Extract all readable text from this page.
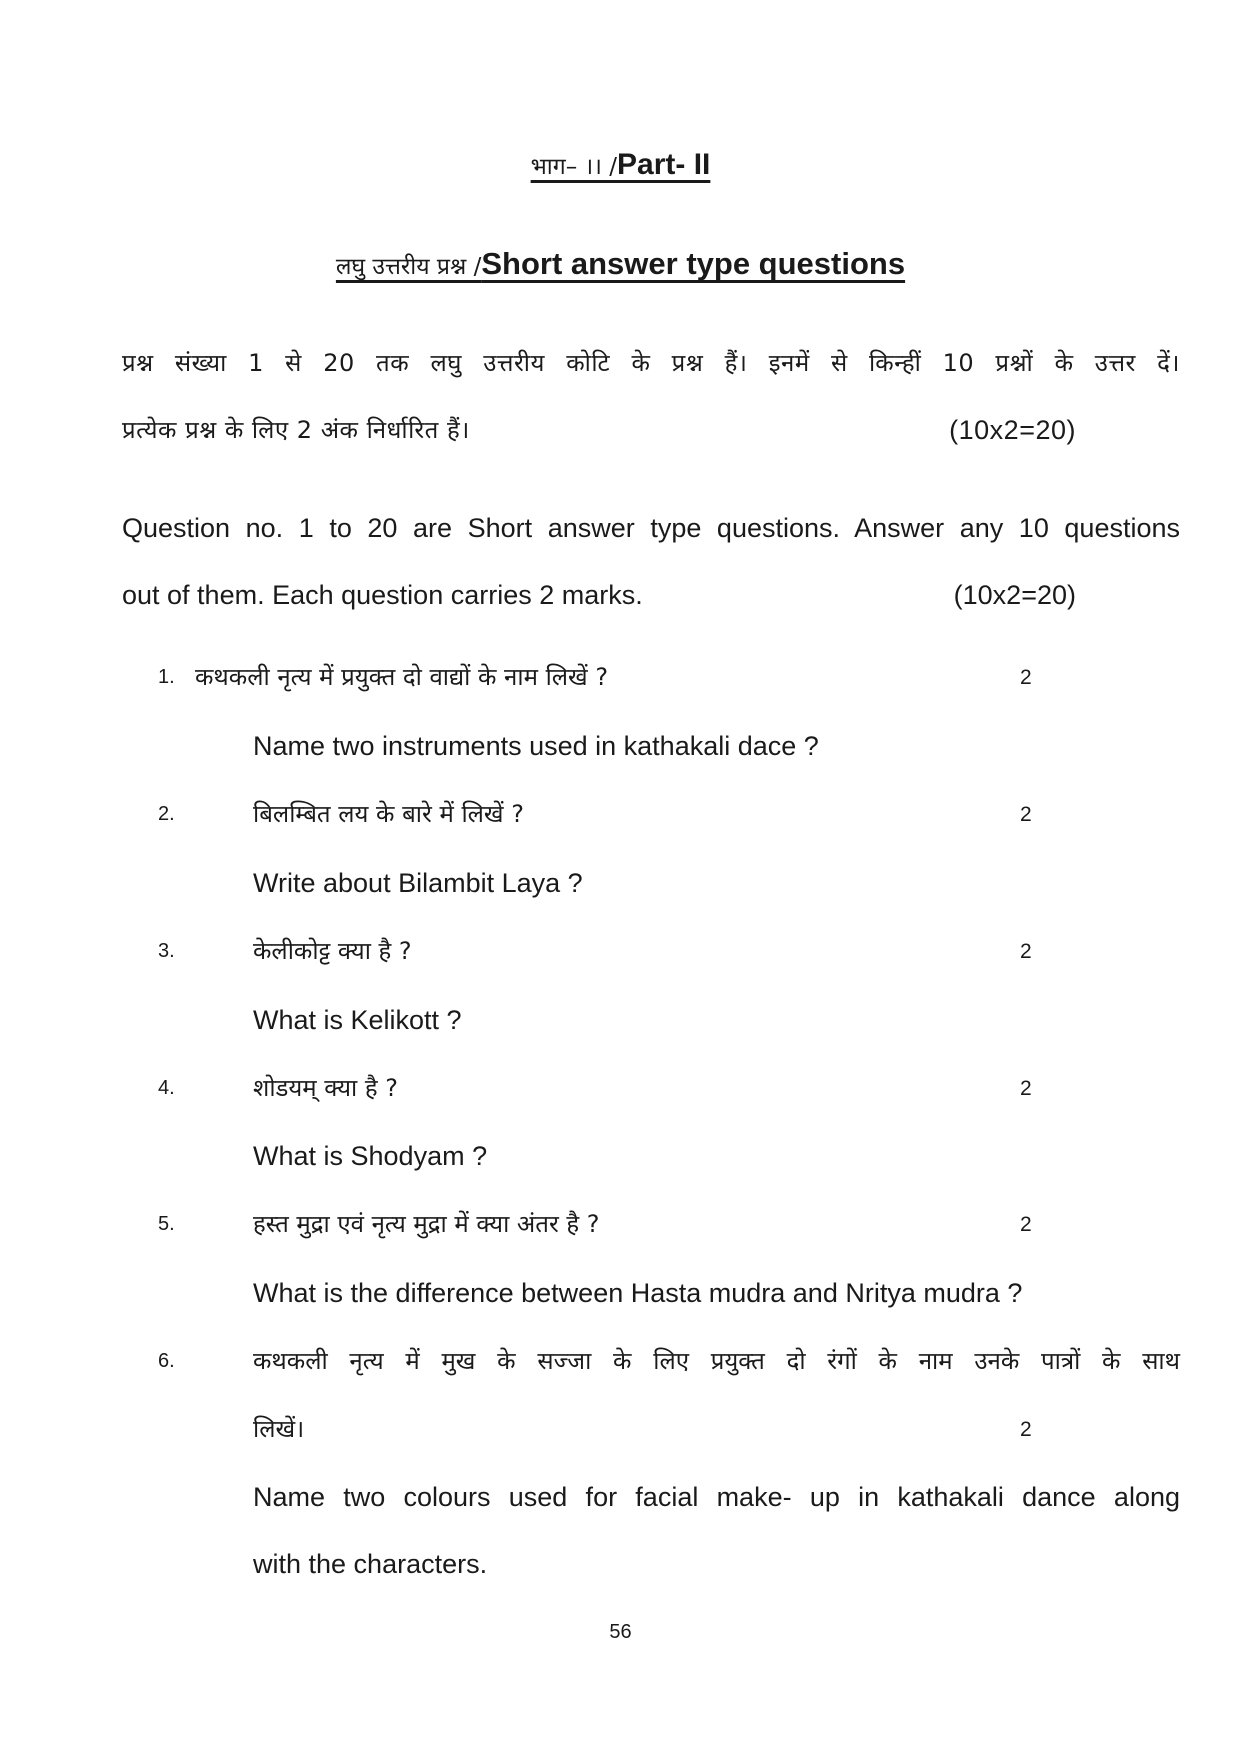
भाग– ।। /Part- II
लघु उत्तरीय प्रश्न /Short answer type questions
प्रश्न संख्या 1 से 20 तक लघु उत्तरीय कोटि के प्रश्न हैं। इनमें से किन्हीं 10 प्रश्नों के उत्तर दें।
प्रत्येक प्रश्न के लिए 2 अंक निर्धारित हैं।	(10x2=20)
Question no. 1 to 20 are Short answer type questions. Answer any 10 questions
out of them. Each question carries 2 marks.	(10x2=20)
1. कथकली नृत्य में प्रयुक्त दो वाद्यों के नाम लिखें ?	2
Name two instruments used in kathakali dace ?
2.	बिलम्बित लय के बारे में लिखें ?	2
Write about Bilambit Laya ?
3.	केलीकोट्ट क्या है ?	2
What is Kelikott ?
4.	शोडयम् क्या है ?	2
What is Shodyam ?
5.	हस्त मुद्रा एवं नृत्य मुद्रा में क्या अंतर है ?	2
What is the difference between Hasta mudra and Nritya mudra ?
6.	कथकली नृत्य में मुख के सज्जा के लिए प्रयुक्त दो रंगों के नाम उनके पात्रों के साथ
लिखें।	2
Name two colours used for facial make- up in kathakali dance along
with the characters.
56
